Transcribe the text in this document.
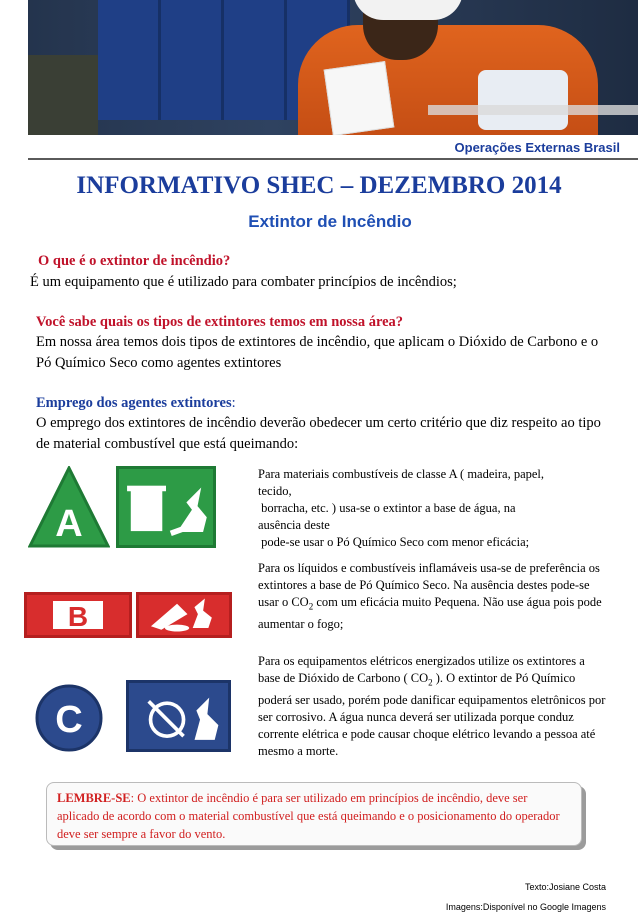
Operações Externas Brasil
INFORMATIVO SHEC – DEZEMBRO 2014
Extintor de Incêndio
O que é o extintor de incêndio?
É um equipamento que é utilizado para combater princípios de incêndios;
Você sabe quais os tipos de extintores temos em nossa área?
Em nossa área temos dois tipos de extintores de incêndio, que aplicam o Dióxido de Carbono e o Pó Químico Seco como agentes extintores
Emprego dos agentes extintores:
O emprego dos extintores de incêndio deverão obedecer um certo critério que diz respeito ao tipo de material combustível que está queimando:
A
Para materiais combustíveis de classe A ( madeira, papel,
tecido,
borracha, etc. ) usa-se o extintor a base de água, na
ausência deste
pode-se usar o Pó Químico Seco com menor eficácia;
B
Para os líquidos e combustíveis inflamáveis usa-se de preferência os extintores a base de Pó Químico Seco. Na ausência destes pode-se usar o $CO_2$ com um eficácia muito Pequena. Não use água pois pode aumentar o fogo;
C
Para os equipamentos elétricos energizados utilize os extintores a base de Dióxido de Carbono ( $CO_2$ ). O extintor de Pó Químico poderá ser usado, porém pode danificar equipamentos eletrônicos por ser corrosivo. A água nunca deverá ser utilizada porque conduz corrente elétrica e pode causar choque elétrico levando a pessoa até mesmo a morte.

LEMBRE-SE: O extintor de incêndio é para ser utilizado em princípios de incêndio, deve ser aplicado de acordo com o material combustível que está queimando e o posicionamento do operador deve ser sempre a favor do vento.

Texto:Josiane Costa
Imagens:Disponível no Google Imagens
